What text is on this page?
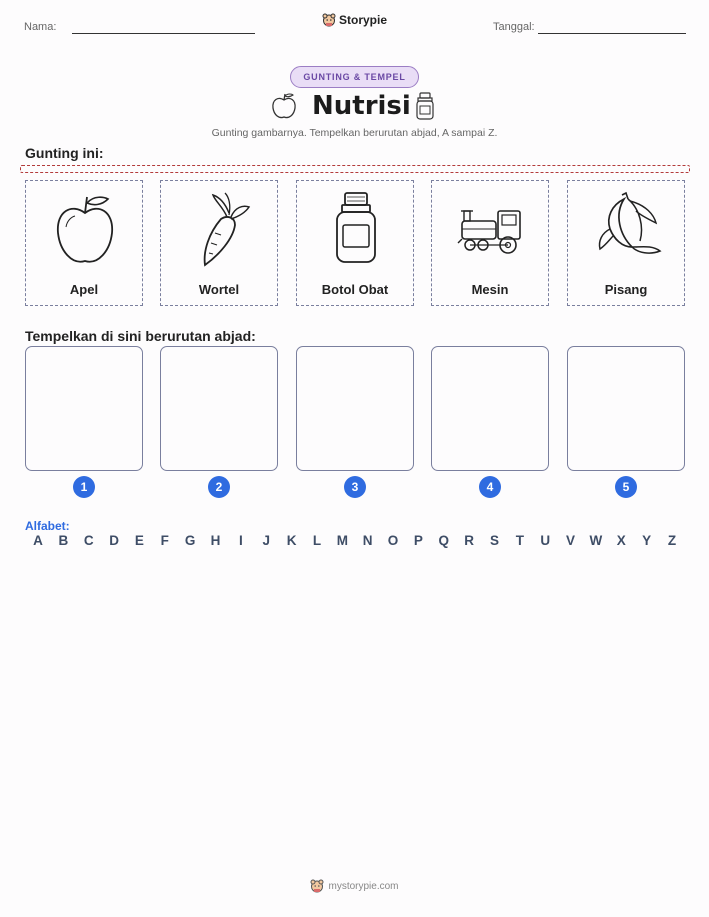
Nama:	Storypie	Tanggal:
GUNTING & TEMPEL
Nutrisi
Gunting gambarnya. Tempelkan berurutan abjad, A sampai Z.
Gunting ini:
Apel	Wortel	Botol Obat	Mesin	Pisang
Tempelkan di sini berurutan abjad:
1	2	3	4	5
Alfabet:
A B C D E F G H	I	J K L M N O P Q R S T U V W X Y Z
mystorypie.com
